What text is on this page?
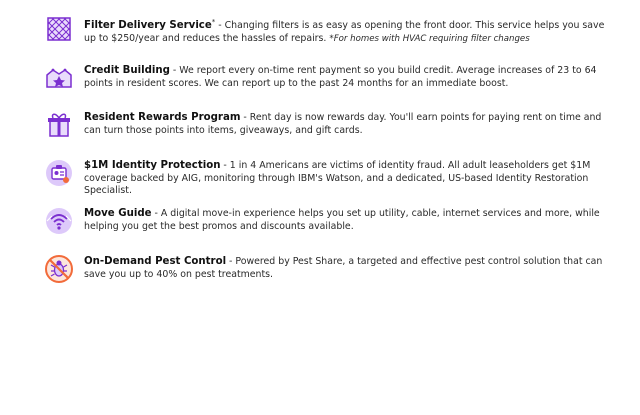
Filter Delivery Service* - Changing filters is as easy as opening the front door. This service helps you save up to $250/year and reduces the hassles of repairs. *For homes with HVAC requiring filter changes
Credit Building - We report every on-time rent payment so you build credit. Average increases of 23 to 64 points in resident scores. We can report up to the past 24 months for an immediate boost.
Resident Rewards Program - Rent day is now rewards day. You'll earn points for paying rent on time and can turn those points into items, giveaways, and gift cards.
$1M Identity Protection - 1 in 4 Americans are victims of identity fraud. All adult leaseholders get $1M coverage backed by AIG, monitoring through IBM's Watson, and a dedicated, US-based Identity Restoration Specialist.
Move Guide - A digital move-in experience helps you set up utility, cable, internet services and more, while helping you get the best promos and discounts available.
On-Demand Pest Control - Powered by Pest Share, a targeted and effective pest control solution that can save you up to 40% on pest treatments.
